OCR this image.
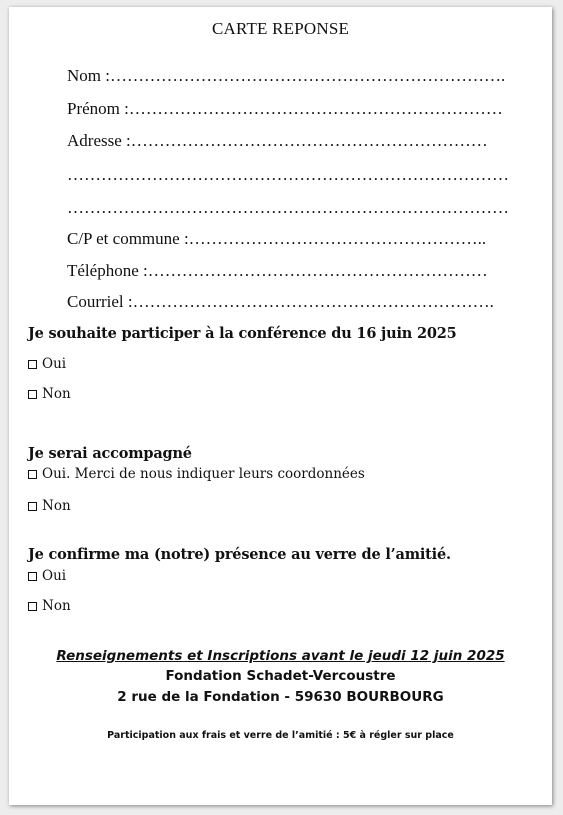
CARTE REPONSE
Nom :…………………………………………………………….
Prénom :…………………………………………………………
Adresse :………………………………………………………
……………………………………………………………………
……………………………………………………………………
C/P et commune :……………………………………………..
Téléphone :……………………………………………………
Courriel :……………………………………………………….
Je souhaite participer à la conférence du 16 juin 2025
Oui
Non
Je serai accompagné
Oui. Merci de nous indiquer leurs coordonnées
Non
Je confirme ma (notre) présence au verre de l’amitié.
Oui
Non
Renseignements et Inscriptions avant le jeudi 12 juin 2025
Fondation Schadet-Vercoustre
2 rue de la Fondation - 59630 BOURBOURG
Participation aux frais et verre de l’amitié : 5€ à régler sur place
